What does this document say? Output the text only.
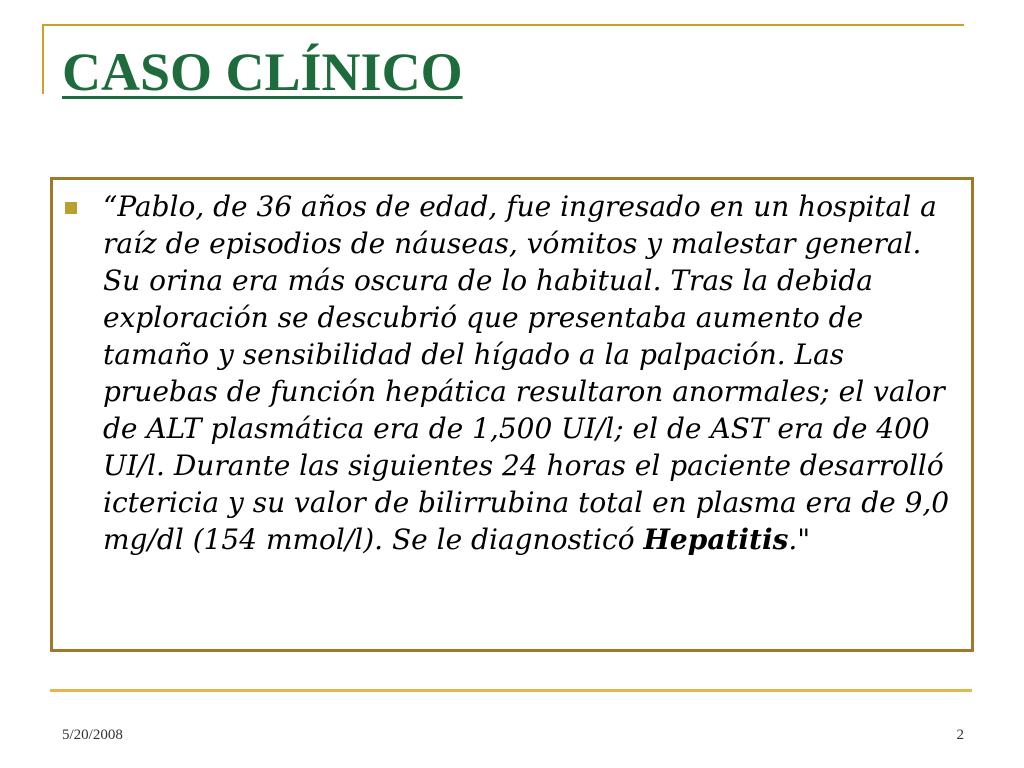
CASO CLÍNICO

“Pablo, de 36 años de edad, fue ingresado en un hospital a raíz de episodios de náuseas, vómitos y malestar general. Su orina era más oscura de lo habitual. Tras la debida exploración se descubrió que presentaba aumento de tamaño y sensibilidad del hígado a la palpación. Las pruebas de función hepática resultaron anormales; el valor de ALT plasmática era de 1,500 UI/l; el de AST era de 400 UI/l. Durante las siguientes 24 horas el paciente desarrolló ictericia y su valor de bilirrubina total en plasma era de 9,0 mg/dl (154 mmol/l). Se le diagnosticó Hepatitis."

5/20/2008	2
